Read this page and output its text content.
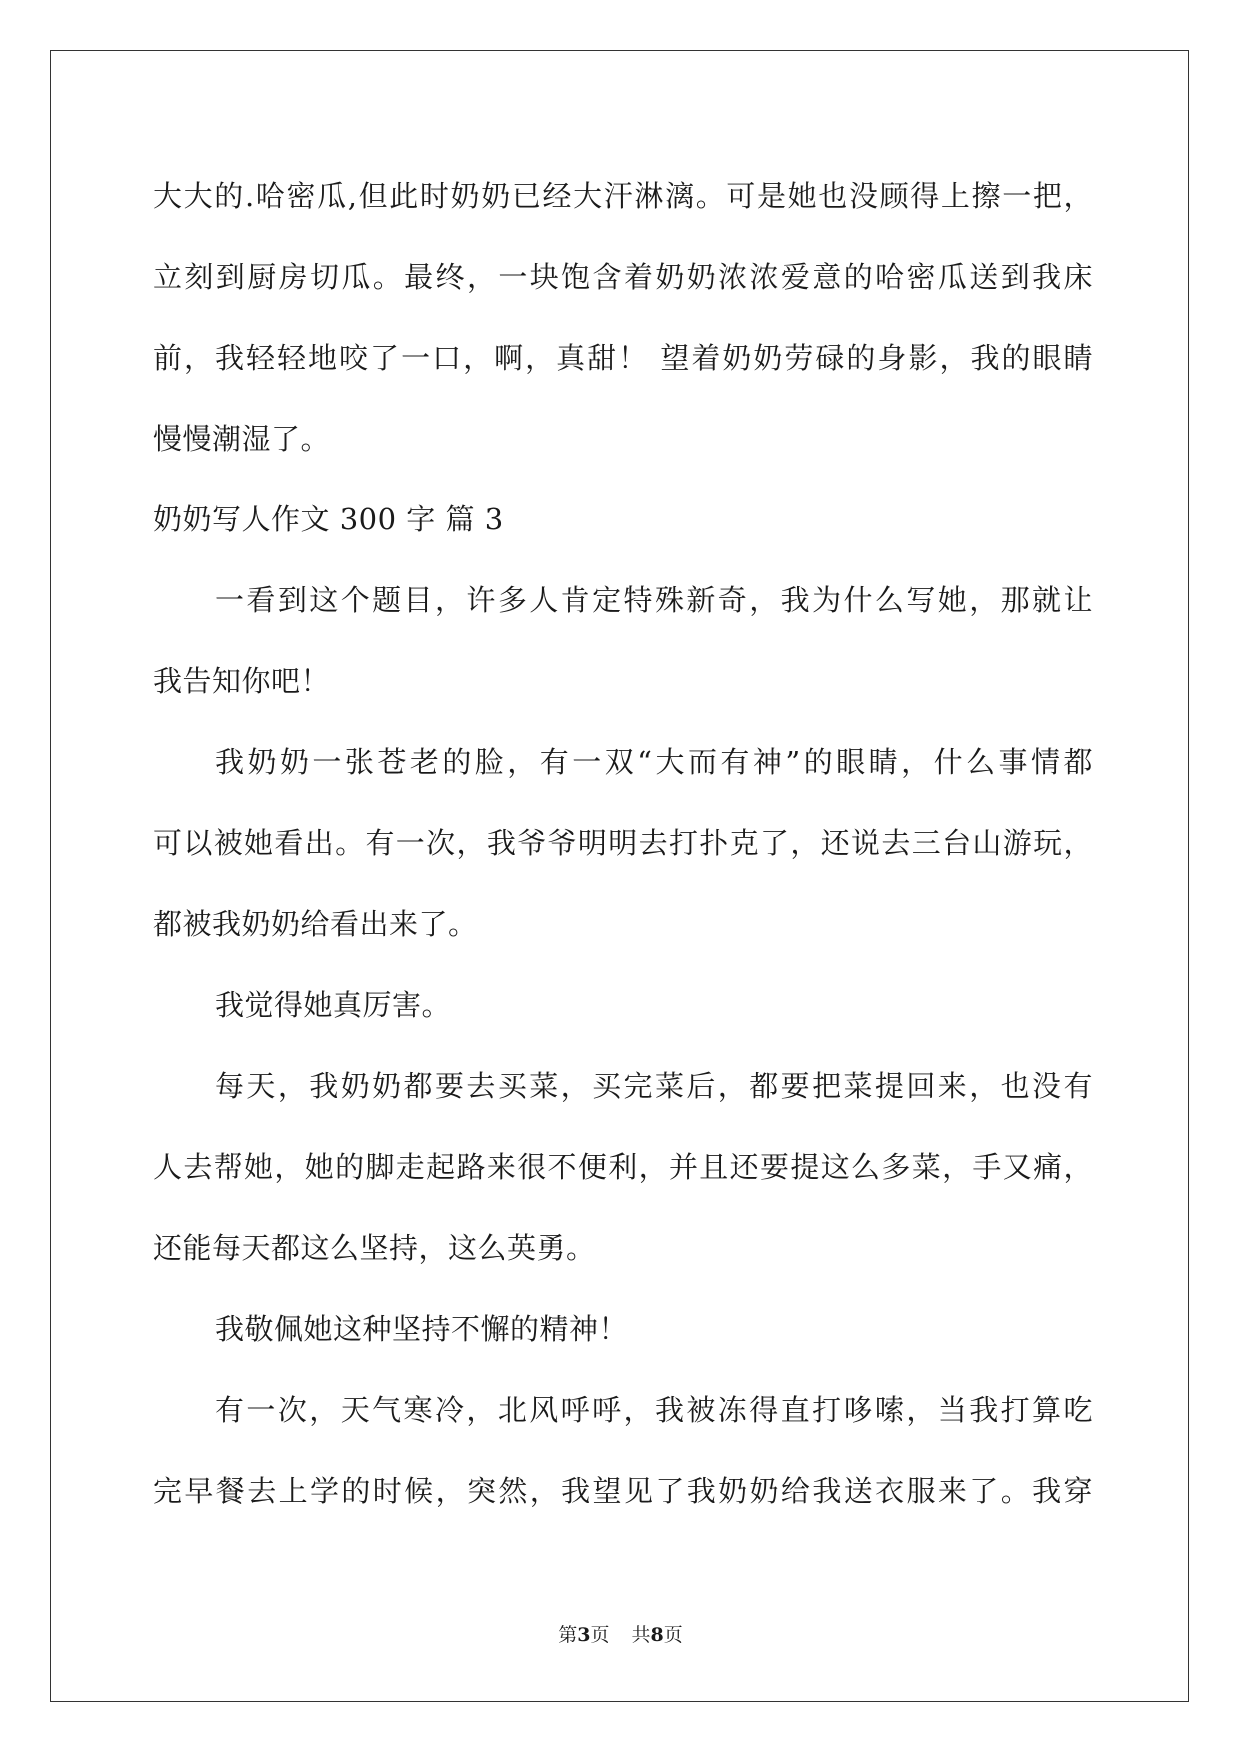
大大的.哈密瓜,但此时奶奶已经大汗淋漓。可是她也没顾得上擦一把，
立刻到厨房切瓜。最终，一块饱含着奶奶浓浓爱意的哈密瓜送到我床
前，我轻轻地咬了一口，啊，真甜！ 望着奶奶劳碌的身影，我的眼睛
慢慢潮湿了。
奶奶写人作文 300 字 篇 3
一看到这个题目，许多人肯定特殊新奇，我为什么写她，那就让
我告知你吧！
我奶奶一张苍老的脸，有一双“大而有神”的眼睛，什么事情都
可以被她看出。有一次，我爷爷明明去打扑克了，还说去三台山游玩，
都被我奶奶给看出来了。
我觉得她真厉害。
每天，我奶奶都要去买菜，买完菜后，都要把菜提回来，也没有
人去帮她，她的脚走起路来很不便利，并且还要提这么多菜，手又痛，
还能每天都这么坚持，这么英勇。
我敬佩她这种坚持不懈的精神！
有一次，天气寒冷，北风呼呼，我被冻得直打哆嗦，当我打算吃
完早餐去上学的时候，突然，我望见了我奶奶给我送衣服来了。我穿
第3页 共8页
